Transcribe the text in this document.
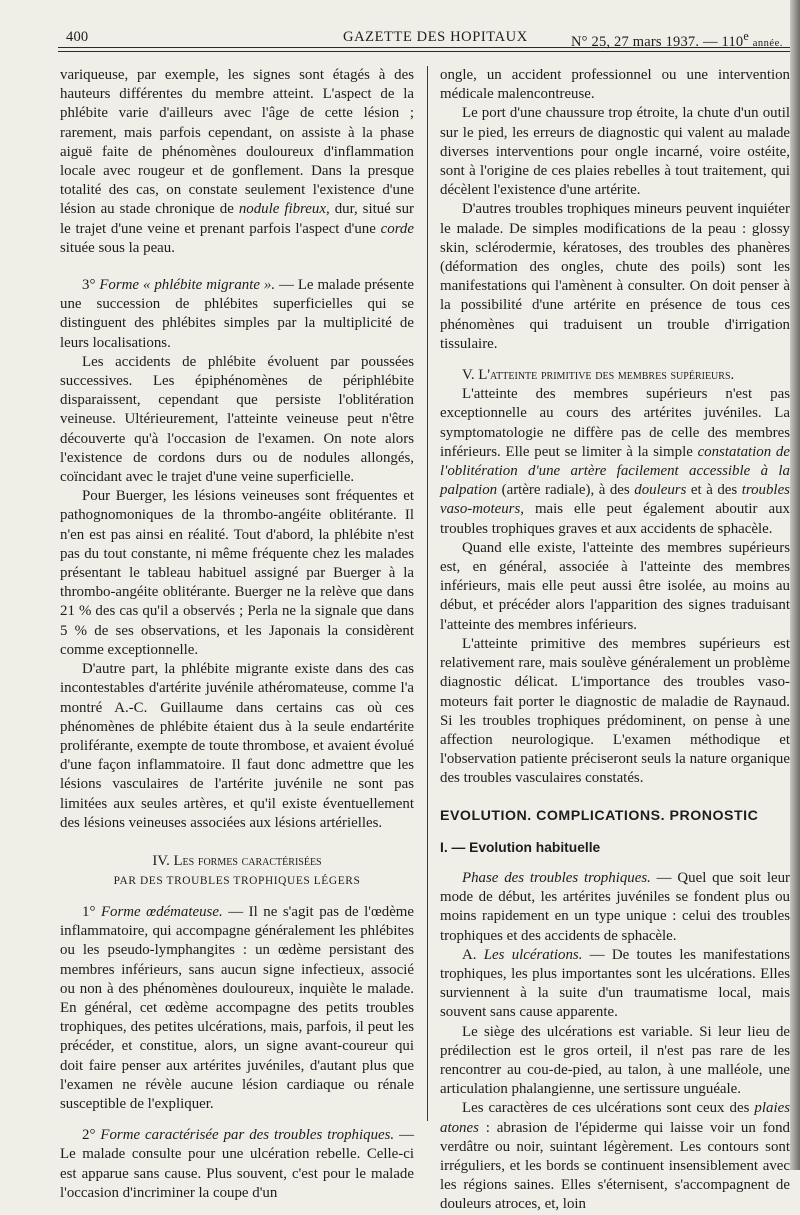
400	GAZETTE DES HOPITAUX	N° 25, 27 mars 1937. — 110e année.

variqueuse, par exemple, les signes sont étagés à des hauteurs différentes du membre atteint. L'aspect de la phlébite varie d'ailleurs avec l'âge de cette lésion ; rarement, mais parfois cependant, on assiste à la phase aiguë faite de phénomènes douloureux d'inflammation locale avec rougeur et de gonflement. Dans la presque totalité des cas, on constate seulement l'existence d'une lésion au stade chronique de nodule fibreux, dur, situé sur le trajet d'une veine et prenant parfois l'aspect d'une corde située sous la peau.

3° Forme « phlébite migrante ». — Le malade présente une succession de phlébites superficielles qui se distinguent des phlébites simples par la multiplicité de leurs localisations.

Les accidents de phlébite évoluent par poussées successives. Les épiphénomènes de périphlébite disparaissent, cependant que persiste l'oblitération veineuse. Ultérieurement, l'atteinte veineuse peut n'être découverte qu'à l'occasion de l'examen. On note alors l'existence de cordons durs ou de nodules allongés, coïncidant avec le trajet d'une veine superficielle.

Pour Buerger, les lésions veineuses sont fréquentes et pathognomoniques de la thrombo-angéite oblitérante. Il n'en est pas ainsi en réalité. Tout d'abord, la phlébite n'est pas du tout constante, ni même fréquente chez les malades présentant le tableau habituel assigné par Buerger à la thrombo-angéite oblitérante. Buerger ne la relève que dans 21 % des cas qu'il a observés ; Perla ne la signale que dans 5 % de ses observations, et les Japonais la considèrent comme exceptionnelle.

D'autre part, la phlébite migrante existe dans des cas incontestables d'artérite juvénile athéromateuse, comme l'a montré A.-C. Guillaume dans certains cas où ces phénomènes de phlébite étaient dus à la seule endartérite proliférante, exempte de toute thrombose, et avaient évolué d'une façon inflammatoire. Il faut donc admettre que les lésions vasculaires de l'artérite juvénile ne sont pas limitées aux seules artères, et qu'il existe éventuellement des lésions veineuses associées aux lésions artérielles.

IV. Les formes caractérisées
PAR DES TROUBLES TROPHIQUES LÉGERS

1° Forme œdémateuse. — Il ne s'agit pas de l'œdème inflammatoire, qui accompagne généralement les phlébites ou les pseudo-lymphangites : un œdème persistant des membres inférieurs, sans aucun signe infectieux, associé ou non à des phénomènes douloureux, inquiète le malade. En général, cet œdème accompagne des petits troubles trophiques, des petites ulcérations, mais, parfois, il peut les précéder, et constitue, alors, un signe avant-coureur qui doit faire penser aux artérites juvéniles, d'autant plus que l'examen ne révèle aucune lésion cardiaque ou rénale susceptible de l'expliquer.

2° Forme caractérisée par des troubles trophiques. — Le malade consulte pour une ulcération rebelle. Celle-ci est apparue sans cause. Plus souvent, c'est pour le malade l'occasion d'incriminer la coupe d'un

ongle, un accident professionnel ou une intervention médicale malencontreuse.

Le port d'une chaussure trop étroite, la chute d'un outil sur le pied, les erreurs de diagnostic qui valent au malade diverses interventions pour ongle incarné, voire ostéite, sont à l'origine de ces plaies rebelles à tout traitement, qui décèlent l'existence d'une artérite.

D'autres troubles trophiques mineurs peuvent inquiéter le malade. De simples modifications de la peau : glossy skin, sclérodermie, kératoses, des troubles des phanères (déformation des ongles, chute des poils) sont les manifestations qui l'amènent à consulter. On doit penser à la possibilité d'une artérite en présence de tous ces phénomènes qui traduisent un trouble d'irrigation tissulaire.

V. L'atteinte primitive des membres supérieurs.

L'atteinte des membres supérieurs n'est pas exceptionnelle au cours des artérites juvéniles. La symptomatologie ne diffère pas de celle des membres inférieurs. Elle peut se limiter à la simple constatation de l'oblitération d'une artère facilement accessible à la palpation (artère radiale), à des douleurs et à des troubles vaso-moteurs, mais elle peut également aboutir aux troubles trophiques graves et aux accidents de sphacèle.

Quand elle existe, l'atteinte des membres supérieurs est, en général, associée à l'atteinte des membres inférieurs, mais elle peut aussi être isolée, au moins au début, et précéder alors l'apparition des signes traduisant l'atteinte des membres inférieurs.

L'atteinte primitive des membres supérieurs est relativement rare, mais soulève généralement un problème diagnostic délicat. L'importance des troubles vaso-moteurs fait porter le diagnostic de maladie de Raynaud. Si les troubles trophiques prédominent, on pense à une affection neurologique. L'examen méthodique et l'observation patiente préciseront seuls la nature organique des troubles vasculaires constatés.

EVOLUTION. COMPLICATIONS. PRONOSTIC

I. — Evolution habituelle

Phase des troubles trophiques. — Quel que soit leur mode de début, les artérites juvéniles se fondent plus ou moins rapidement en un type unique : celui des troubles trophiques et des accidents de sphacèle.

A. Les ulcérations. — De toutes les manifestations trophiques, les plus importantes sont les ulcérations. Elles surviennent à la suite d'un traumatisme local, mais souvent sans cause apparente.

Le siège des ulcérations est variable. Si leur lieu de prédilection est le gros orteil, il n'est pas rare de les rencontrer au cou-de-pied, au talon, à une malléole, une articulation phalangienne, une sertissure unguéale.

Les caractères de ces ulcérations sont ceux des plaies atones : abrasion de l'épiderme qui laisse voir un fond verdâtre ou noir, suintant légèrement. Les contours sont irréguliers, et les bords se continuent insensiblement avec les régions saines. Elles s'éternisent, s'accompagnent de douleurs atroces, et, loin
